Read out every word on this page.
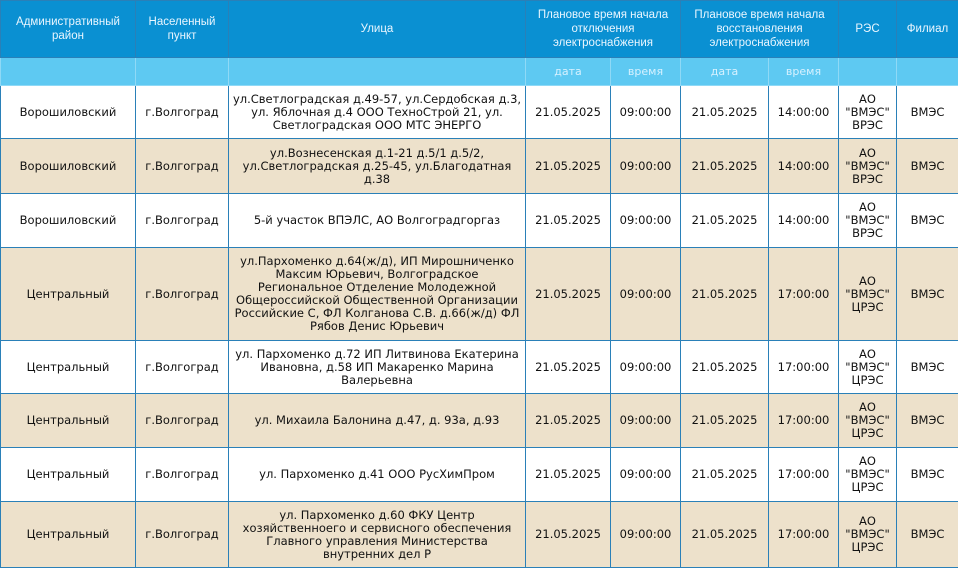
Административный район	Населенный пункт	Улица	Плановое время начала отключения электроснабжения		Плановое время начала восстановления электроснабжения		РЭС	Филиал
			дата	время	дата	время		
Ворошиловский	г.Волгоград	ул.Светлоградская д.49-57, ул.Сердобская д.3, ул. Яблочная д.4 ООО ТехноСтрой 21, ул. Светлоградская ООО МТС ЭНЕРГО	21.05.2025	09:00:00	21.05.2025	14:00:00	АО "ВМЭС" ВРЭС	ВМЭС
Ворошиловский	г.Волгоград	ул.Вознесенская д.1-21 д.5/1 д.5/2, ул.Светлоградская д.25-45, ул.Благодатная д.38	21.05.2025	09:00:00	21.05.2025	14:00:00	АО "ВМЭС" ВРЭС	ВМЭС
Ворошиловский	г.Волгоград	5-й участок ВПЭЛС, АО Волгоградгоргаз	21.05.2025	09:00:00	21.05.2025	14:00:00	АО "ВМЭС" ВРЭС	ВМЭС
Центральный	г.Волгоград	ул.Пархоменко д.64(ж/д), ИП Мирошниченко Максим Юрьевич, Волгоградское Региональное Отделение Молодежной Общероссийской Общественной Организации Российские С, ФЛ Колганова С.В. д.66(ж/д) ФЛ Рябов Денис Юрьевич	21.05.2025	09:00:00	21.05.2025	17:00:00	АО "ВМЭС" ЦРЭС	ВМЭС
Центральный	г.Волгоград	ул. Пархоменко д.72 ИП Литвинова Екатерина Ивановна, д.58 ИП Макаренко Марина Валерьевна	21.05.2025	09:00:00	21.05.2025	17:00:00	АО "ВМЭС" ЦРЭС	ВМЭС
Центральный	г.Волгоград	ул. Михаила Балонина д.47, д. 93а, д.93	21.05.2025	09:00:00	21.05.2025	17:00:00	АО "ВМЭС" ЦРЭС	ВМЭС
Центральный	г.Волгоград	ул. Пархоменко д.41 ООО РусХимПром	21.05.2025	09:00:00	21.05.2025	17:00:00	АО "ВМЭС" ЦРЭС	ВМЭС
Центральный	г.Волгоград	ул. Пархоменко д.60 ФКУ Центр хозяйственноего и сервисного обеспечения Главного управления Министерства внутренних дел Р	21.05.2025	09:00:00	21.05.2025	17:00:00	АО "ВМЭС" ЦРЭС	ВМЭС
